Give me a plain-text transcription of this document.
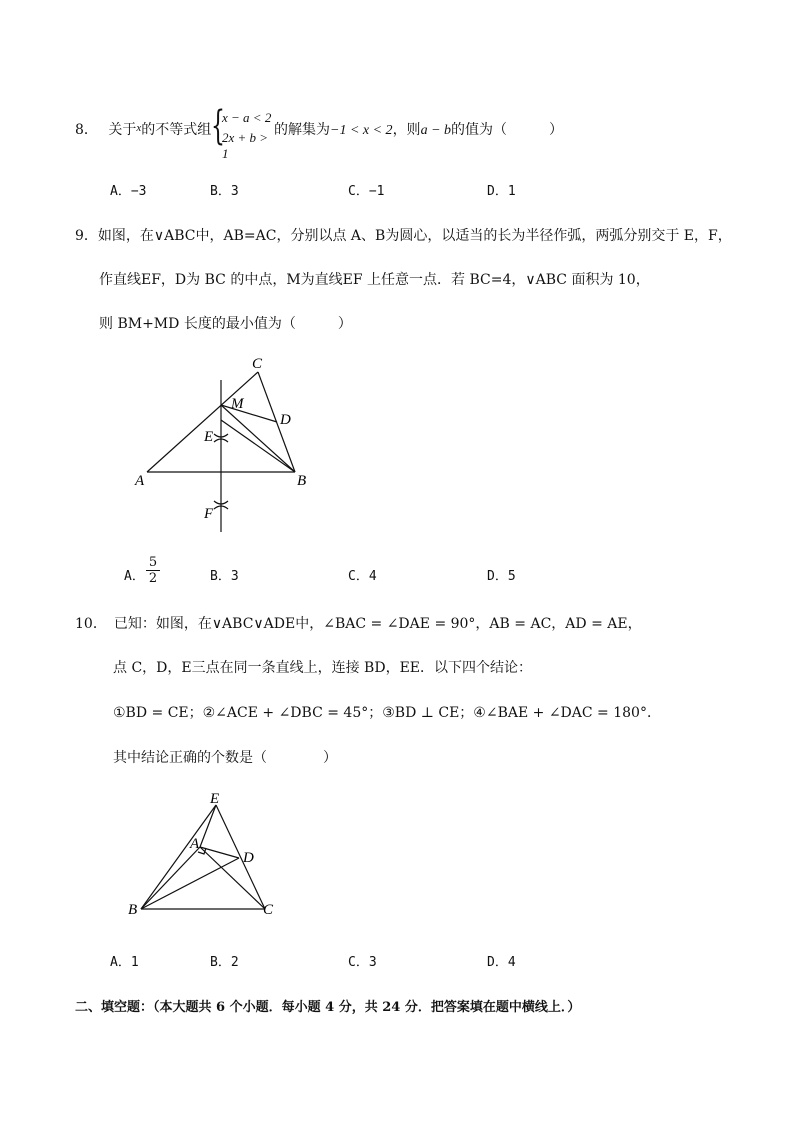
8． 关于$^x$的不等式组 {
x − a < 2
2x + b > 1
的解集为−1 < x < 2，则a − b的值为（　　　）
A．−3	B．3	C．−1	D．1
9．如图，在∨ABC中，AB=AC，分别以点 A、B为圆心，以适当的长为半径作弧，两弧分别交于 E，F，
作直线EF，D为 BC 的中点，M为直线EF 上任意一点．若 BC=4，∨ABC 面积为 10，
则 BM+MD 长度的最小值为（　　　）
C
M
D
E
A	B
F
A． $\frac{5}{2}$	B．3	C．4	D．5
10．　已知：如图，在∨ABC∨ADE中，∠BAC = ∠DAE = 90°，AB = AC，AD = AE，
点 C，D，E三点在同一条直线上，连接 BD，EE．以下四个结论：
①BD = CE；②∠ACE + ∠DBC = 45°；③BD ⊥ CE；④∠BAE + ∠DAC = 180°．
其中结论正确的个数是（　　　　）
E
A
D
B	C
A．1	B．2	C．3	D．4
二、填空题：（本大题共 6 个小题．每小题 4 分，共 24 分．把答案填在题中横线上．）
